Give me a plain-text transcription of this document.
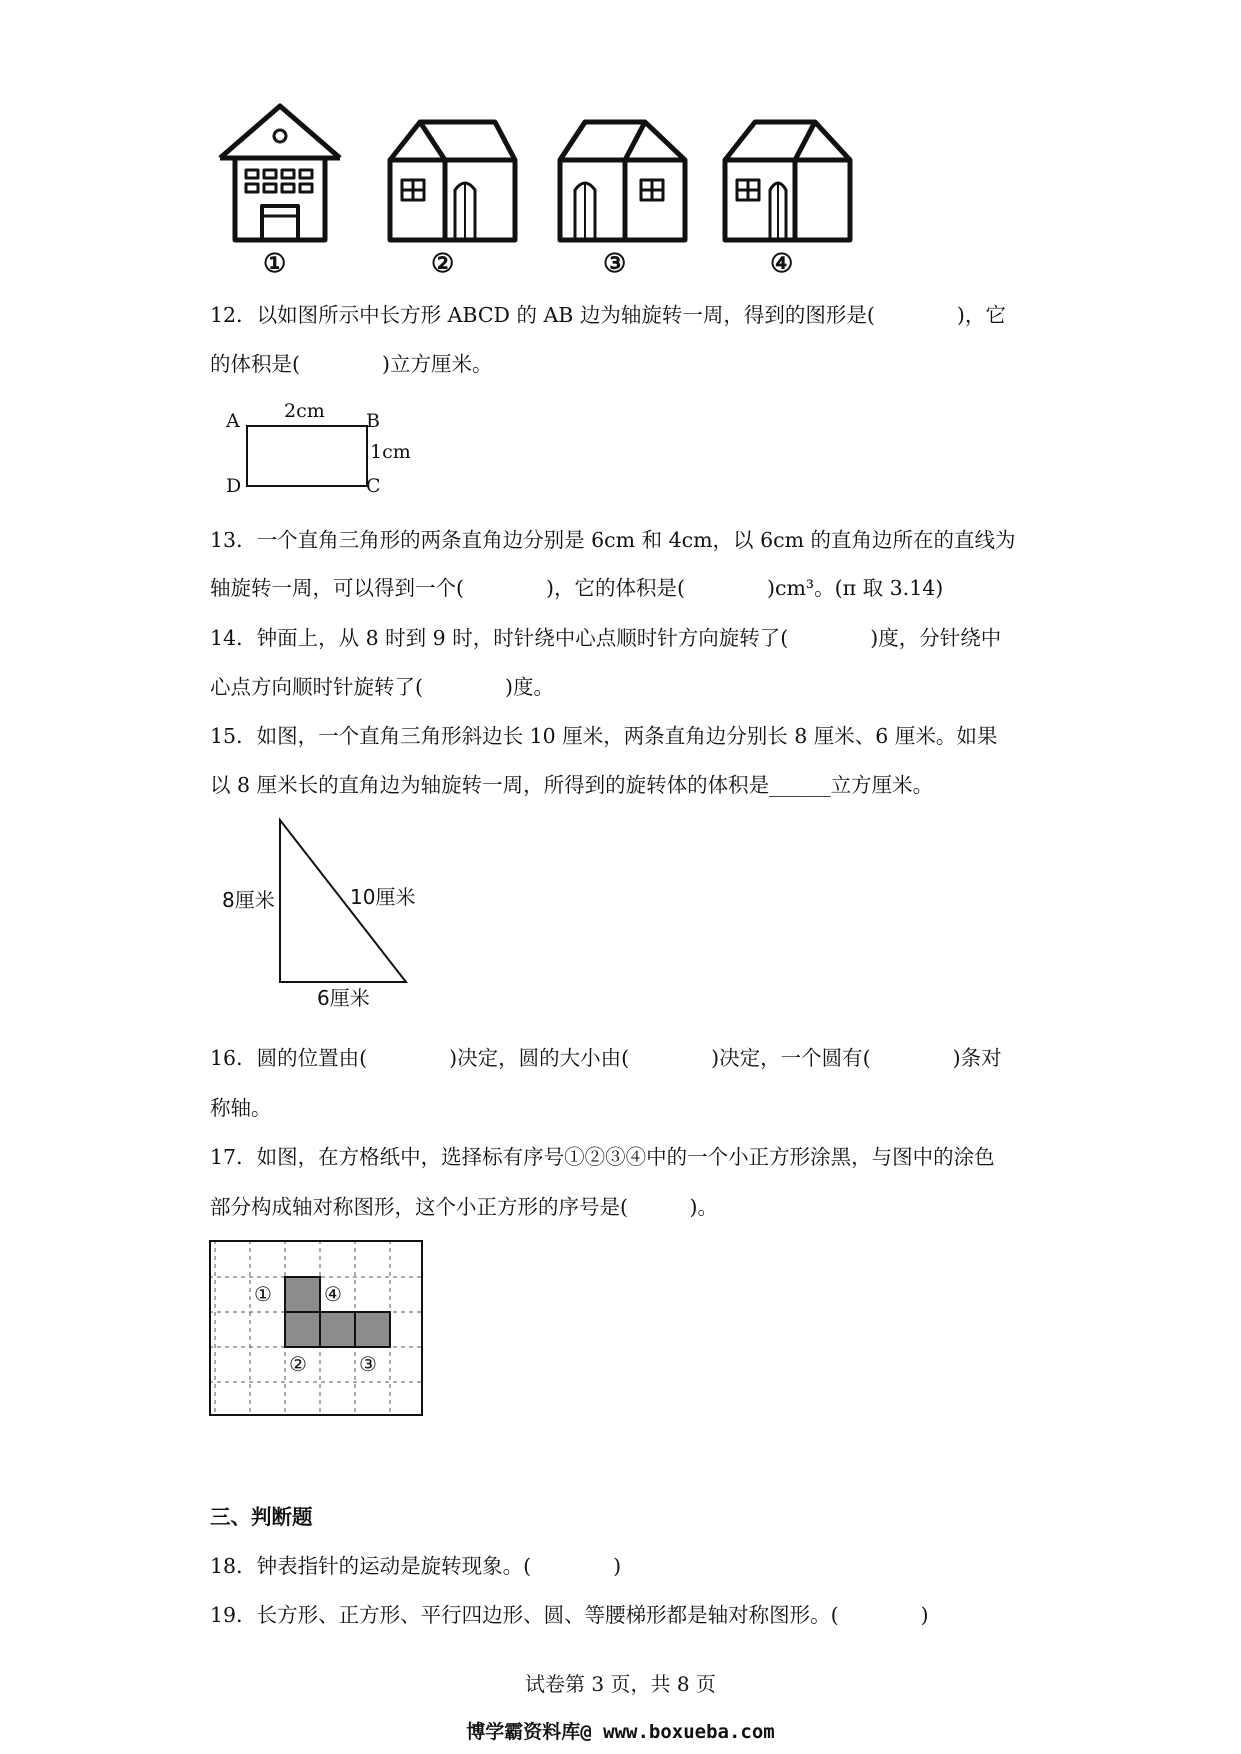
①	②	③	④
12．以如图所示中长方形 ABCD 的 AB 边为轴旋转一周，得到的图形是(　　　　)，它
的体积是(　　　　)立方厘米。
A	B
C
D
2cm
1cm
13．一个直角三角形的两条直角边分别是 6cm 和 4cm，以 6cm 的直角边所在的直线为
轴旋转一周，可以得到一个(　　　　)，它的体积是(　　　　)cm³。(π 取 3.14)
14．钟面上，从 8 时到 9 时，时针绕中心点顺时针方向旋转了(　　　　)度，分针绕中
心点方向顺时针旋转了(　　　　)度。
15．如图，一个直角三角形斜边长 10 厘米，两条直角边分别长 8 厘米、6 厘米。如果
以 8 厘米长的直角边为轴旋转一周，所得到的旋转体的体积是______立方厘米。
8厘米	10厘米
6厘米
16．圆的位置由(　　　　)决定，圆的大小由(　　　　)决定，一个圆有(　　　　)条对
称轴。
17．如图，在方格纸中，选择标有序号①②③④中的一个小正方形涂黑，与图中的涂色
部分构成轴对称图形，这个小正方形的序号是(　　　)。
①	④
②	③
三、判断题
18．钟表指针的运动是旋转现象。(　　　　)
19．长方形、正方形、平行四边形、圆、等腰梯形都是轴对称图形。(　　　　)
试卷第 3 页，共 8 页
博学霸资料库@ www.boxueba.com
